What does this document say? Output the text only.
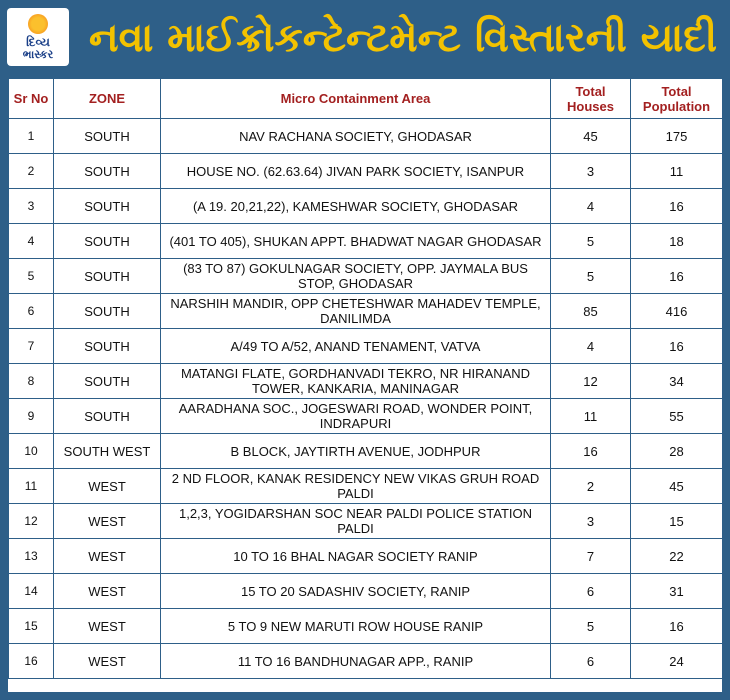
દિવ્ય
ભાસ્કર નવા માઈક્રોકન્ટેન્ટમેન્ટ વિસ્તારની યાદી
Sr No	ZONE	Micro Containment Area	Total Houses	Total Population
1	SOUTH	NAV RACHANA SOCIETY, GHODASAR	45	175
2	SOUTH	HOUSE NO. (62.63.64) JIVAN PARK SOCIETY, ISANPUR	3	11
3	SOUTH	(A 19. 20,21,22), KAMESHWAR SOCIETY, GHODASAR	4	16
4	SOUTH	(401 TO 405), SHUKAN APPT. BHADWAT NAGAR GHODASAR	5	18
5	SOUTH	(83 TO 87) GOKULNAGAR SOCIETY, OPP. JAYMALA BUS STOP, GHODASAR	5	16
6	SOUTH	NARSHIH MANDIR, OPP CHETESHWAR MAHADEV TEMPLE, DANILIMDA	85	416
7	SOUTH	A/49 TO A/52, ANAND TENAMENT, VATVA	4	16
8	SOUTH	MATANGI FLATE, GORDHANVADI TEKRO, NR HIRANAND TOWER, KANKARIA, MANINAGAR	12	34
9	SOUTH	AARADHANA SOC., JOGESWARI ROAD, WONDER POINT, INDRAPURI	11	55
10	SOUTH WEST	B BLOCK, JAYTIRTH AVENUE, JODHPUR	16	28
11	WEST	2 ND FLOOR, KANAK RESIDENCY NEW VIKAS GRUH ROAD PALDI	2	45
12	WEST	1,2,3, YOGIDARSHAN SOC NEAR PALDI POLICE STATION PALDI	3	15
13	WEST	10 TO 16 BHAL NAGAR SOCIETY RANIP	7	22
14	WEST	15 TO 20 SADASHIV SOCIETY, RANIP	6	31
15	WEST	5 TO 9 NEW MARUTI ROW HOUSE RANIP	5	16
16	WEST	11 TO 16 BANDHUNAGAR APP., RANIP	6	24
